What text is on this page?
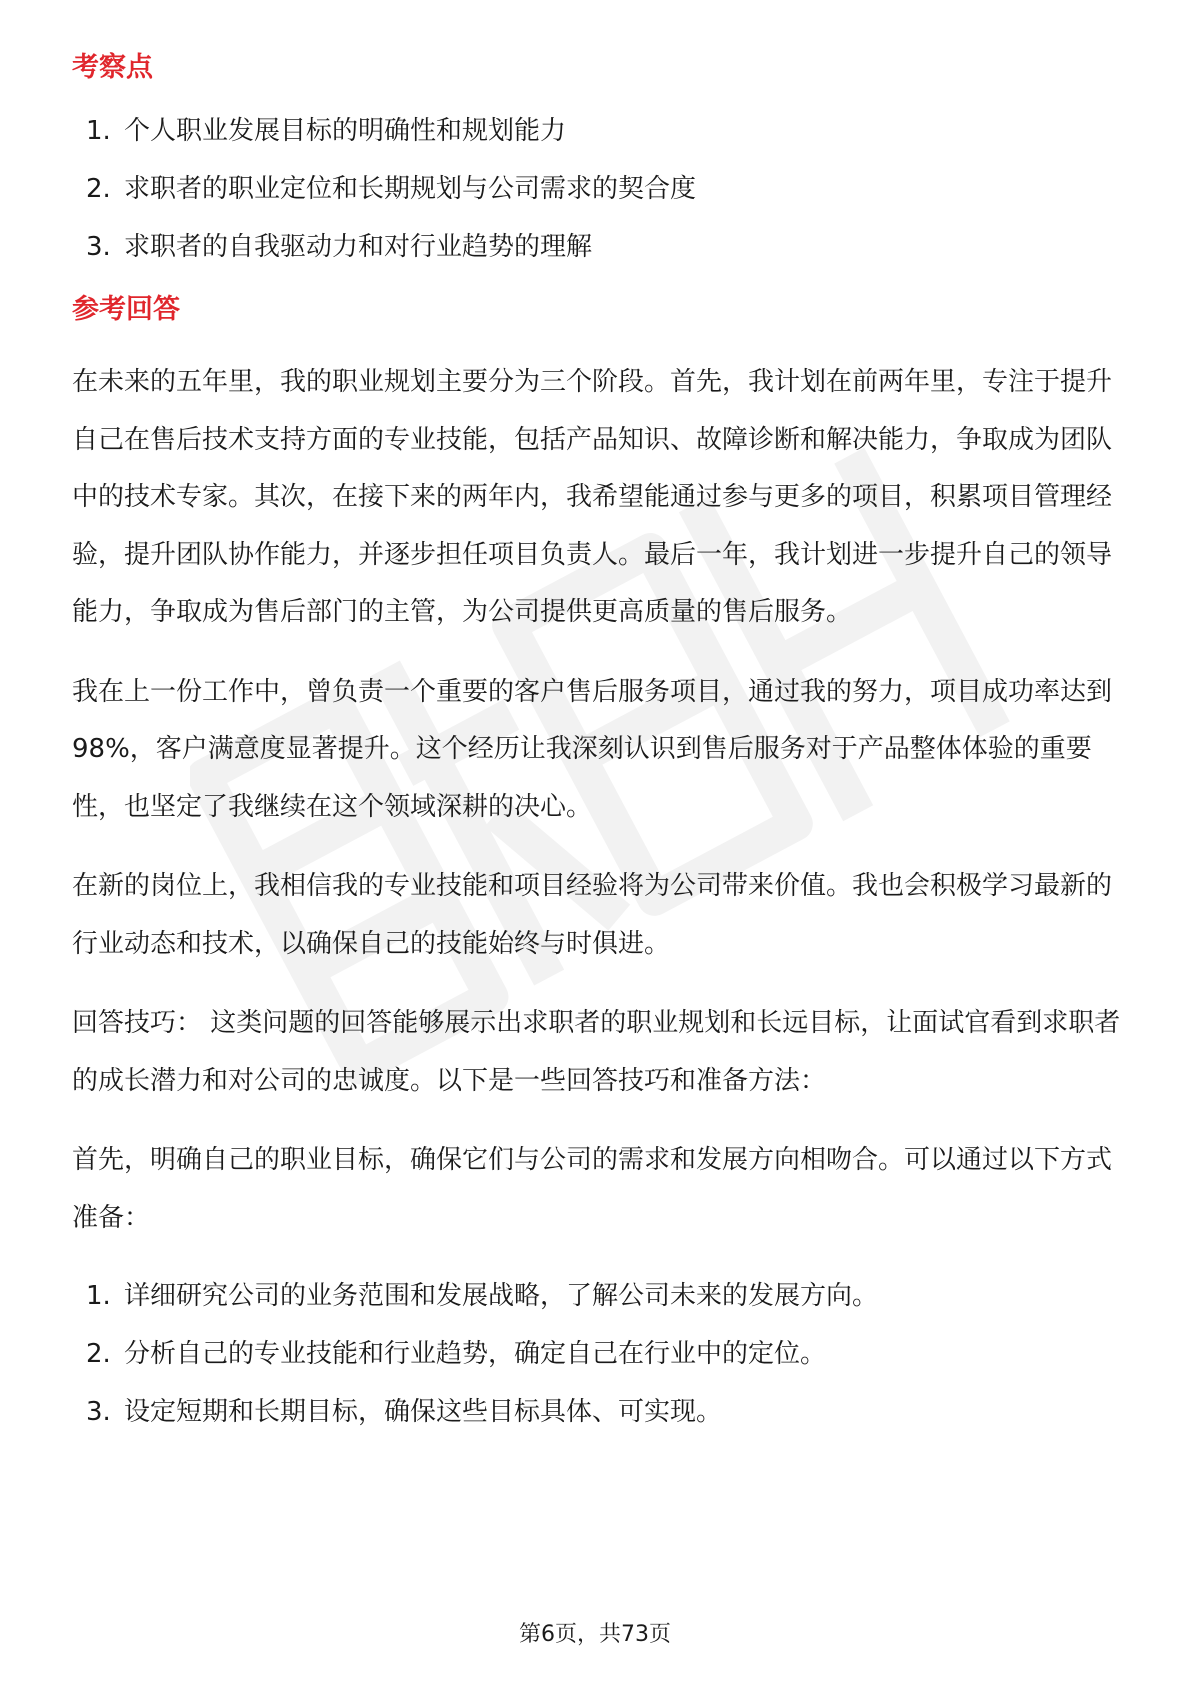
考察点
1. 个人职业发展目标的明确性和规划能力
2. 求职者的职业定位和长期规划与公司需求的契合度
3. 求职者的自我驱动力和对行业趋势的理解
参考回答

在未来的五年里，我的职业规划主要分为三个阶段。首先，我计划在前两年里，专注于提升自己在售后技术支持方面的专业技能，包括产品知识、故障诊断和解决能力，争取成为团队中的技术专家。其次，在接下来的两年内，我希望能通过参与更多的项目，积累项目管理经验，提升团队协作能力，并逐步担任项目负责人。最后一年，我计划进一步提升自己的领导能力，争取成为售后部门的主管，为公司提供更高质量的售后服务。

我在上一份工作中，曾负责一个重要的客户售后服务项目，通过我的努力，项目成功率达到98%，客户满意度显著提升。这个经历让我深刻认识到售后服务对于产品整体体验的重要性，也坚定了我继续在这个领域深耕的决心。

在新的岗位上，我相信我的专业技能和项目经验将为公司带来价值。我也会积极学习最新的行业动态和技术，以确保自己的技能始终与时俱进。

回答技巧： 这类问题的回答能够展示出求职者的职业规划和长远目标，让面试官看到求职者的成长潜力和对公司的忠诚度。以下是一些回答技巧和准备方法：

首先，明确自己的职业目标，确保它们与公司的需求和发展方向相吻合。可以通过以下方式准备：

1. 详细研究公司的业务范围和发展战略，了解公司未来的发展方向。
2. 分析自己的专业技能和行业趋势，确定自己在行业中的定位。
3. 设定短期和长期目标，确保这些目标具体、可实现。
第6页，共73页
